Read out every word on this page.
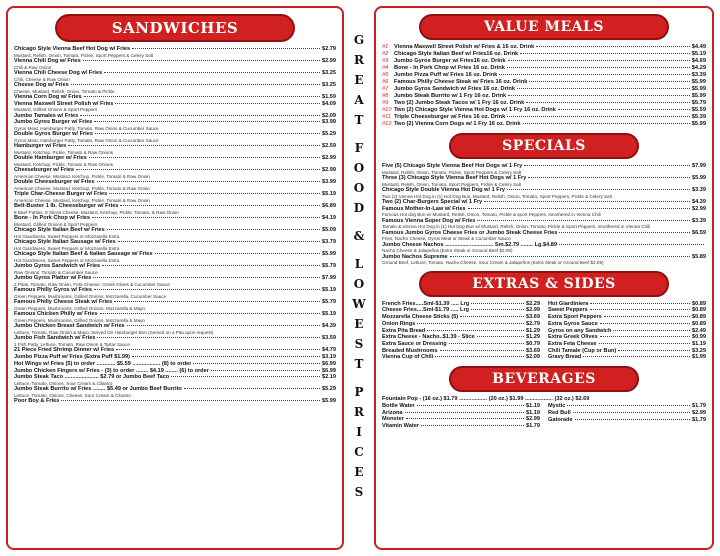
SANDWICHES
Chicago Style Vienna Beef Hot Dog w/ Fries	$2.79
Mustard, Relish, Onion, Tomato, Pickle, Sport Peppers & Celery Salt
Vienna Chili Dog w/ Fries	$2.99
Chili & Raw Onion
Vienna Chili Cheese Dog w/ Fries	$3.25
Chili, Cheese & Raw Onion
Cheese Dog w/ Fries	$3.25
Cheese, Mustard, Relish, Onion, Tomato & Pickle
Vienna Corn Dog w/ Fries	$1.59
Vienna Maxwell Street Polish w/ Fries	$4.09
Mustard, Grilled Onions & Sport Peppers
Jumbo Tamales w/ Fries	$2.09
Jumbo Gyros Burger w/ Fries	$3.99
Gyros Meat, Hamburger Patty, Tomato, Raw Onion & Cucumber Sauce
Double Gyros Burger w/ Fries	$5.29
Gyros Meat, Hamburger Patty, Tomato, Raw Onion & Cucumber Sauce
Hamburger w/ Fries	$2.59
Mustard, Ketchup, Pickle, Tomato & Raw Onions
Double Hamburger w/ Fries	$2.99
Mustard, Ketchup, Pickle, Tomato & Raw Onions
Cheeseburger w/ Fries	$2.99
American Cheese, Mustard, Ketchup, Pickle, Tomato & Raw Onion
Double Cheeseburger w/ Fries	$3.99
American Cheese, Mustard, Ketchup, Pickle, Tomato & Raw Onion
Triple Char-Cheese Burger w/ Fries	$5.19
American Cheese, Mustard, Ketchup, Pickle, Tomato & Raw Onion
Belt-Buster 1 lb. Cheeseburger w/ Fries	$6.89
8 Beef Patties, 8 Slices Cheese, Mustard, Ketchup, Pickle, Tomato, & Raw Onion
Bone - In Pork Chop w/ Fries	$4.19
Mustard, Grilled Onions & Sport Peppers
Chicago Style Italian Beef w/ Fries	$5.09
Hot Giardiniera, Sweet Peppers or Mozzarella Extra
Chicago Style Italian Sausage w/ Fries	$3.79
Hot Giardiniera, Sweet Peppers or Mozzarella Extra
Chicago Style Italian Beef & Italian Sausage w/ Fries	$5.99
Hot Giardiniera, Sweet Peppers or Mozzarella Extra
Jumbo Gyros Sandwich w/ Fries	$5.79
Raw Onions, Tomato & Cucumber Sauce
Jumbo Gyros Platter w/ Fries	$7.99
2 Pitas, Tomato, Raw Onion, Feta Cheese, Greek Olives & Cucumber Sauce
Famous Philly Gyros w/ Fries	$5.19
Green Peppers, Mushrooms, Grilled Onions, Mozzarella, Cucumber Sauce
Famous Philly Cheese Steak w/ Fries	$5.79
Green Peppers, Mushrooms, Grilled Onions, Mozzarella & Mayo
Famous Chicken Philly w/ Fries	$5.19
Green Peppers, Mushrooms, Grilled Onions, Mozzarella & Mayo
Jumbo Chicken Breast Sandwich w/ Fries	$4.39
Lettuce, Tomato, Raw Onion & Mayo, Served On Hamburger Bun (Served on a Pita upon request)
Jumbo Fish Sandwich w/ Fries	$3.59
1 Fish Patty, Lettuce, Tomato, Raw Onion & Tartar Sauce
21 Piece Fried Shrimp Dinner w/ Fries	$4.79
Jumbo Pizza Puff w/ Fries (Extra Puff $1.99)	$3.19
Hot Wings w/ Fries (5) to order ............ $5.59 .................. (8) to order	$6.99
Jumbo Chicken Fingers w/ Fries - (3) to order ........ $4.19 ........ (6) to order	$6.99
Jumbo Steak Taco ...................... $2.79 or Jumbo Beef Taco	$2.19
Lettuce, Tomato, Onions, Sour Cream & Cilantro
Jumbo Steak Burrito w/ Fries ........ $5.49 or Jumbo Beef Burrito	$5.29
Lettuce, Tomato, Onions, Cheese, Sour Cream & Cilantro
Poor Boy & Fries	$5.99
G
R
E
A
T
F
O
O
D
&
L
O
W
E
S
T
P
R
I
C
E
S
VALUE MEALS
#1 Vienna Maxwell Street Polish w/ Fries & 16 oz. Drink	$4.49
#2 Chicago Style Italian Beef w/ Fries16 oz. Drink	$5.19
#3 Jumbo Gyros Burger w/ Fries16 oz. Drink	$4.69
#4 Bone - In Pork Chop w/ Fries 16 oz. Drink	$4.29
#5 Jumbo Pizza Puff w/ Fries 16 oz. Drink	$3.39
#6 Famous Philly Cheese Steak w/ Fries 16 oz. Drink	$5.99
#7 Jumbo Gyros Sandwich w/ Fries 16 oz. Drink	$5.99
#8 Jumbo Steak Burrito w/ 1 Fry 16 oz. Drink	$5.99
#9 Two (2) Jumbo Steak Tacos w/ 1 Fry 16 oz. Drink	$5.79
#10 Two (2) Chicago Style Vienna Hot Dogs w/ 1 Fry 16 oz. Drink	$5.59
#11 Triple Cheeseburger w/ Fries 16 oz. Drink	$5.39
#12 Two (2) Vienna Corn Dogs w/ 1 Fry 16 oz. Drink	$5.99
SPECIALS
Five (5) Chicago Style Vienna Beef Hot Dogs w/ 1 Fry	$7.99
Mustard, Relish, Onion, Tomato, Pickle, Sport Peppers & Celery Salt
Three (3) Chicago Style Vienna Beef Hot Dogs w/ 1 Fry	$5.99
Mustard, Relish, Onion, Tomato, Sport Peppers, Pickle & Celery Salt
Chicago Style Double Vienna Hot Dog w/ 1 Fry	$3.39
Two (2) Vienna Hot Dog in (1) Hot Dog Bun, Mustard, Relish, Onion, Tomato, Sport Peppers, Pickle & Celery Salt
Two (2) Char-Burgers Special w/ 1 Fry	$4.39
Famous Mother-In-Law w/ Fries	$2.99
Famous Hot dog Bun w/ Mustard, Relish, Onion, Tomato, Pickle & sport Peppers, smothered in Vienna Chili
Famous Vienna Super Dog w/ Fries	$3.39
Tamale & Vienna Hot Dog in (1) Hot Dog Bun w/ Mustard, Relish, Onion, Tomato, Pickle & Sport Peppers, smothered in Vienna Chili
Famous Jumbo Gyros Cheese Fries or Jumbo Steak Cheese Fries	$6.59
Fries, Nacho Cheese, Gyros Meat or Steak & Cucumber Sauce
Jumbo Cheese Nachos ............................... Sm.$2.79 ........ Lg.$4.89
Nacho Cheese & Jalapeños (Extra Steak or Ground Beef $2.09)
Jumbo Nachos Supreme	$5.89
Ground Beef, Lettuce, Tomato, Nacho Cheese, Sour Cream & Jalapeños (Extra Steak or Ground Beef $2.09)
EXTRAS & SIDES
French Fries.....Sml-$1.39 ..... Lrg	$2.29
Cheese Fries....Sml-$1.79 ..... Lrg	$2.99
Mozzarella Cheese Sticks (5)	$3.69
Onion Rings	$2.79
Extra Pita Bread	$1.29
Extra Cheese - Nacho..$1.39 - Slice	$1.29
Extra Sauce or Dressing	$0.79
Breaded Mushrooms	$3.69
Vienna Cup of Chili	$2.09
Hot Giardiniera	$0.89
Sweet Peppers	$0.89
Extra Sport Peppers	$0.89
Extra Gyros Sauce	$0.89
Gyros on any Sandwich	$2.49
Extra Greek Olives	$0.99
Extra Feta Cheese	$1.19
Chili Tamale (Cup or Bun)	$3.29
Gravy Bread	$1.99
BEVERAGES
Fountain Pop - (16 oz.) $1.79 .................. (20 oz.) $1.99 .................. (32 oz.) $2.69
Bottle Water	$1.19
Arizona	$1.19
Monster	$2.99
Vitamin Water	$1.79
Mystic	$1.79
Red Bull	$2.99
Gatorade	$1.79
